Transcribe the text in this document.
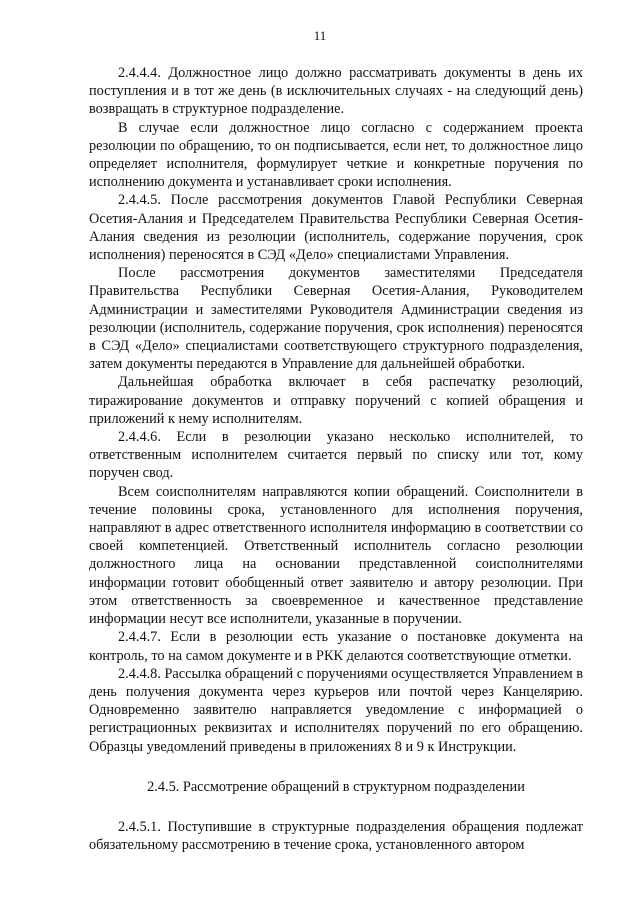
11

2.4.4.4. Должностное лицо должно рассматривать документы в день их поступления и в тот же день (в исключительных случаях - на следующий день) возвращать в структурное подразделение.

В случае если должностное лицо согласно с содержанием проекта резолюции по обращению, то он подписывается, если нет, то должностное лицо определяет исполнителя, формулирует четкие и конкретные поручения по исполнению документа и устанавливает сроки исполнения.

2.4.4.5. После рассмотрения документов Главой Республики Северная Осетия-Алания и Председателем Правительства Республики Северная Осетия-Алания сведения из резолюции (исполнитель, содержание поручения, срок исполнения) переносятся в СЭД «Дело» специалистами Управления.

После рассмотрения документов заместителями Председателя Правительства Республики Северная Осетия-Алания, Руководителем Администрации и заместителями Руководителя Администрации сведения из резолюции (исполнитель, содержание поручения, срок исполнения) переносятся в СЭД «Дело» специалистами соответствующего структурного подразделения, затем документы передаются в Управление для дальнейшей обработки.

Дальнейшая обработка включает в себя распечатку резолюций, тиражирование документов и отправку поручений с копией обращения и приложений к нему исполнителям.

2.4.4.6. Если в резолюции указано несколько исполнителей, то ответственным исполнителем считается первый по списку или тот, кому поручен свод.

Всем соисполнителям направляются копии обращений. Соисполнители в течение половины срока, установленного для исполнения поручения, направляют в адрес ответственного исполнителя информацию в соответствии со своей компетенцией. Ответственный исполнитель согласно резолюции должностного лица на основании представленной соисполнителями информации готовит обобщенный ответ заявителю и автору резолюции. При этом ответственность за своевременное и качественное представление информации несут все исполнители, указанные в поручении.

2.4.4.7. Если в резолюции есть указание о постановке документа на контроль, то на самом документе и в РКК делаются соответствующие отметки.

2.4.4.8. Рассылка обращений с поручениями осуществляется Управлением в день получения документа через курьеров или почтой через Канцелярию. Одновременно заявителю направляется уведомление с информацией о регистрационных реквизитах и исполнителях поручений по его обращению. Образцы уведомлений приведены в приложениях 8 и 9 к Инструкции.

2.4.5. Рассмотрение обращений в структурном подразделении

2.4.5.1. Поступившие в структурные подразделения обращения подлежат обязательному рассмотрению в течение срока, установленного автором
